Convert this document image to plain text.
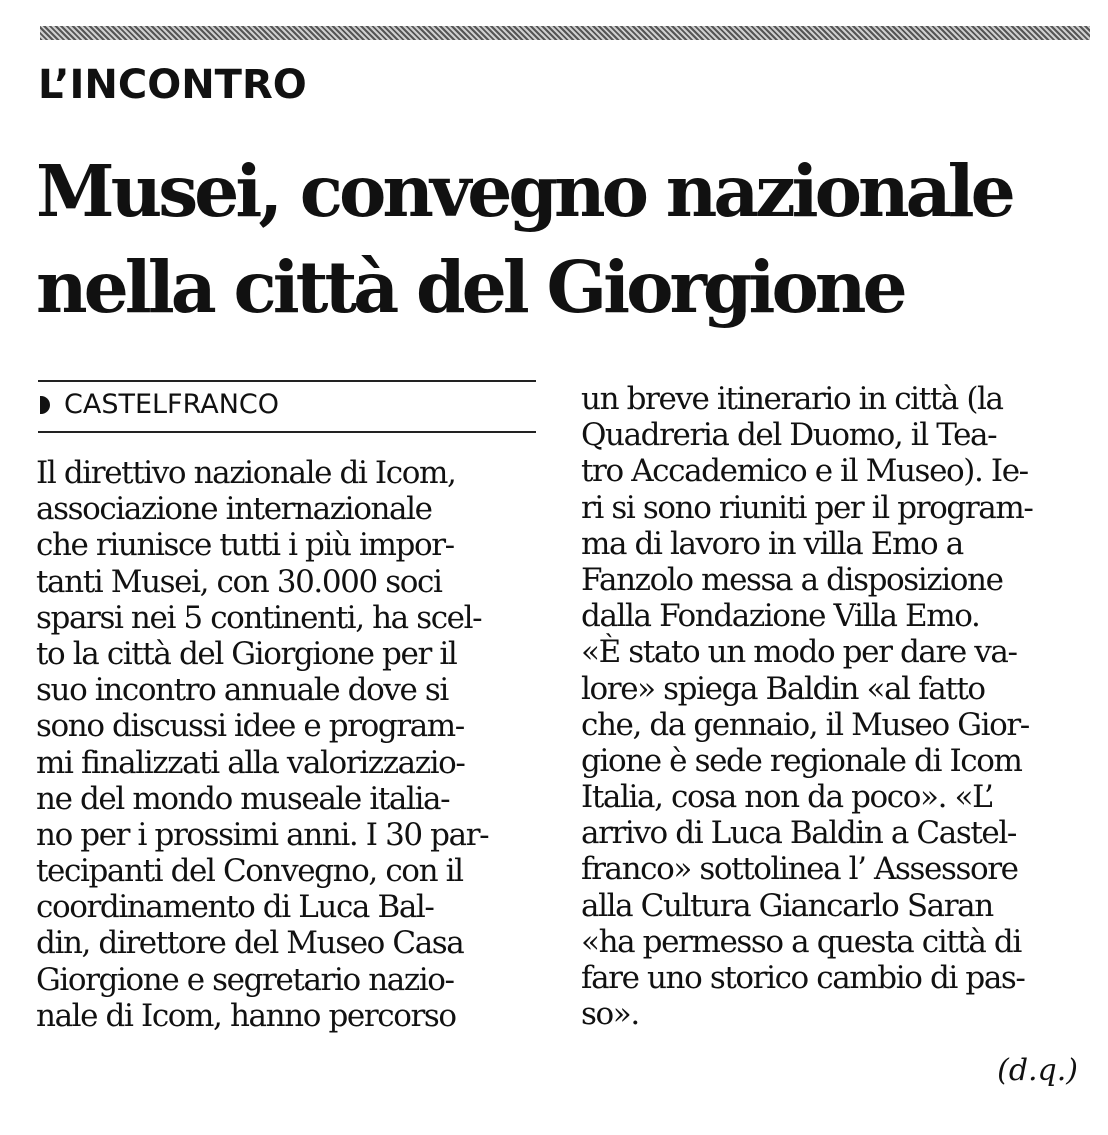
L’INCONTRO
Musei, convegno nazionale
nella città del Giorgione
CASTELFRANCO
Il direttivo nazionale di Icom,
associazione internazionale
che riunisce tutti i più impor-
tanti Musei, con 30.000 soci
sparsi nei 5 continenti, ha scel-
to la città del Giorgione per il
suo incontro annuale dove si
sono discussi idee e program-
mi finalizzati alla valorizzazio-
ne del mondo museale italia-
no per i prossimi anni. I 30 par-
tecipanti del Convegno, con il
coordinamento di Luca Bal-
din, direttore del Museo Casa
Giorgione e segretario nazio-
nale di Icom, hanno percorso
un breve itinerario in città (la
Quadreria del Duomo, il Tea-
tro Accademico e il Museo). Ie-
ri si sono riuniti per il program-
ma di lavoro in villa Emo a
Fanzolo messa a disposizione
dalla Fondazione Villa Emo.
«È stato un modo per dare va-
lore» spiega Baldin «al fatto
che, da gennaio, il Museo Gior-
gione è sede regionale di Icom
Italia, cosa non da poco». «L’
arrivo di Luca Baldin a Castel-
franco» sottolinea l’ Assessore
alla Cultura Giancarlo Saran
«ha permesso a questa città di
fare uno storico cambio di pas-
so».
(d.q.)
